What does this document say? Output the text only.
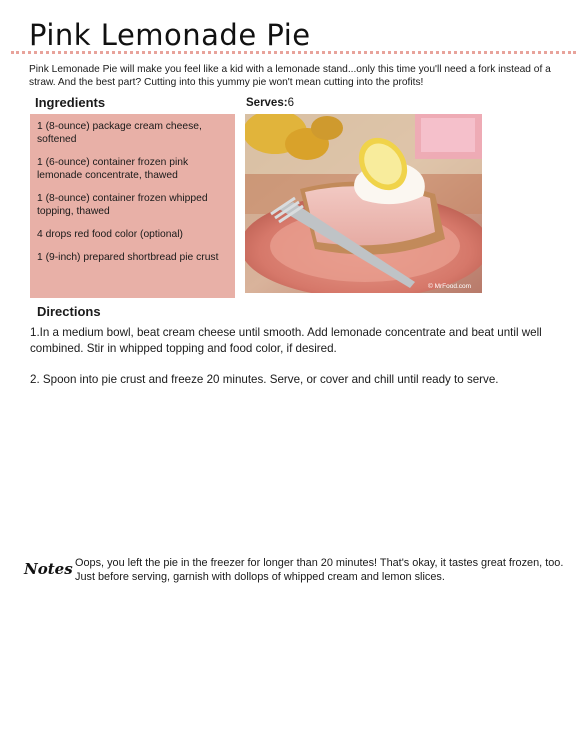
Pink Lemonade Pie

Pink Lemonade Pie will make you feel like a kid with a lemonade stand...only this time you'll need a fork instead of a straw. And the best part? Cutting into this yummy pie won't mean cutting into the profits!

Ingredients	Serves:6
1 (8-ounce) package cream cheese, softened
1 (6-ounce) container frozen pink lemonade concentrate, thawed
1 (8-ounce) container frozen whipped topping, thawed
4 drops red food color (optional)
1 (9-inch) prepared shortbread pie crust
© MrFood.com
Directions

1.In a medium bowl, beat cream cheese until smooth. Add lemonade concentrate and beat until well combined. Stir in whipped topping and food color, if desired.

2. Spoon into pie crust and freeze 20 minutes. Serve, or cover and chill until ready to serve.

Notes Oops, you left the pie in the freezer for longer than 20 minutes! That's okay, it tastes great frozen, too. Just before serving, garnish with dollops of whipped cream and lemon slices.
